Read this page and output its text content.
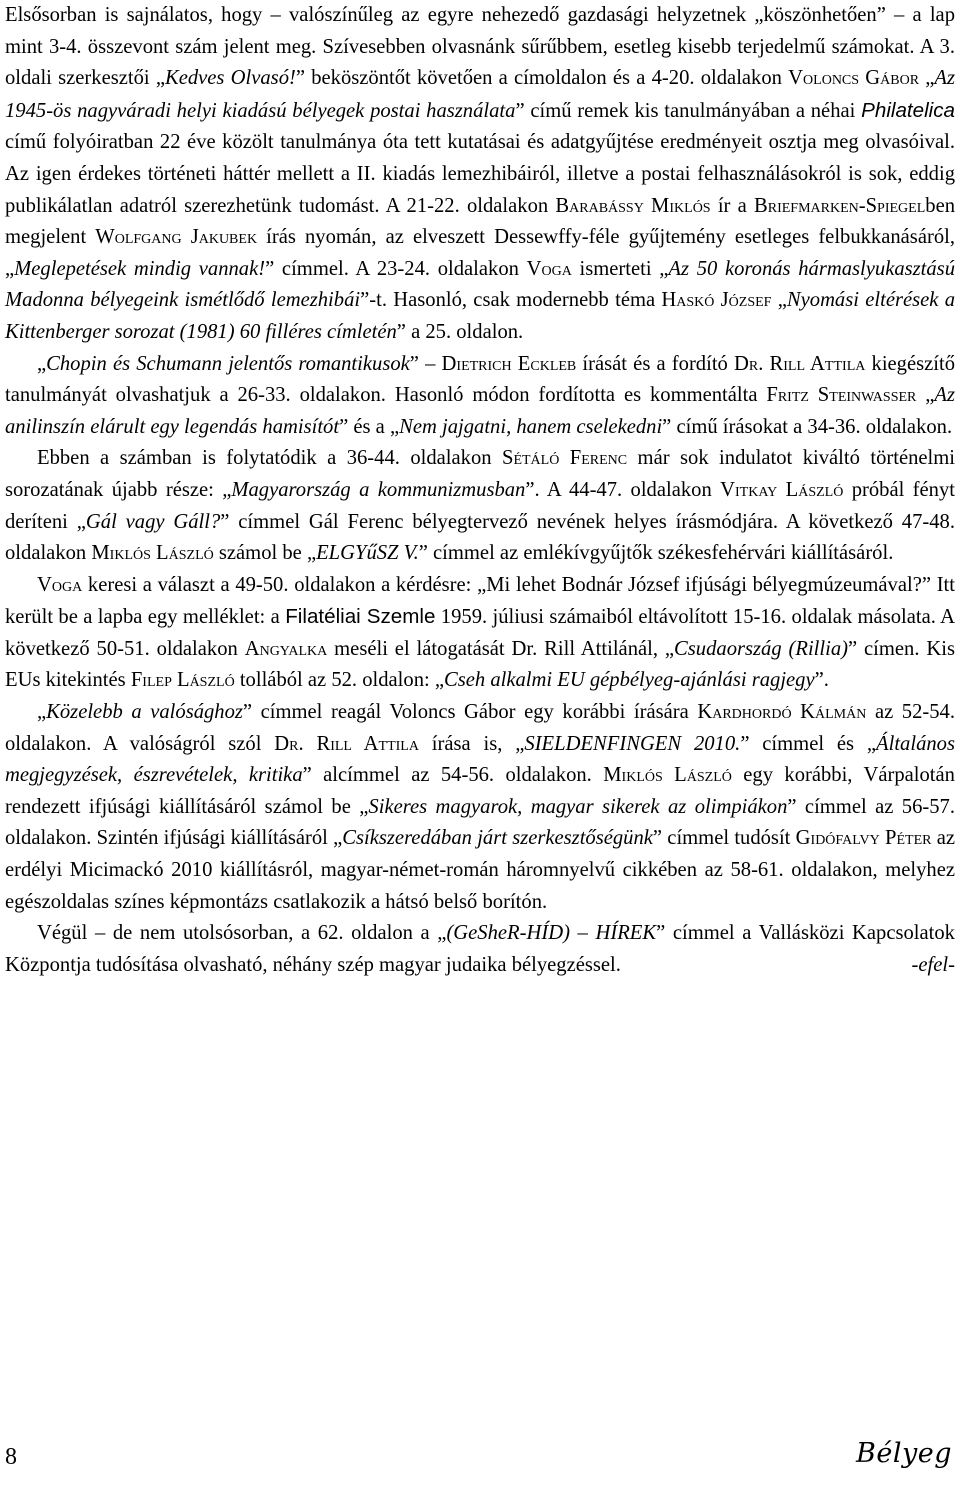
Elsősorban is sajnálatos, hogy – valószínűleg az egyre nehezedő gazdasági helyzetnek „köszönhetően” – a lap mint 3-4. összevont szám jelent meg. Szívesebben olvasnánk sűrűbbem, esetleg kisebb terjedelmű számokat. A 3. oldali szerkesztői „Kedves Olvasó!” beköszöntőt követően a címoldalon és a 4-20. oldalakon Voloncs Gábor „Az 1945-ös nagyváradi helyi kiadású bélyegek postai használata” című remek kis tanulmányában a néhai Philatelica című folyóiratban 22 éve közölt tanulmánya óta tett kutatásai és adatgyűjtése eredményeit osztja meg olvasóival. Az igen érdekes történeti háttér mellett a II. kiadás lemezhibáiról, illetve a postai felhasználásokról is sok, eddig publikálatlan adatról szerezhetünk tudomást. A 21-22. oldalakon Barabássy Miklós ír a Briefmarken-Spiegelben megjelent Wolfgang Jakubek írás nyomán, az elveszett Dessewffy-féle gyűjtemény esetleges felbukkanásáról, „Meglepetések mindig vannak!” címmel. A 23-24. oldalakon Voga ismerteti „Az 50 koronás hármaslyukasztású Madonna bélyegeink ismétlődő lemezhibái”-t. Hasonló, csak modernebb téma Haskó József „Nyomási eltérések a Kittenberger sorozat (1981) 60 filléres címletén” a 25. oldalon.

„Chopin és Schumann jelentős romantikusok” – Dietrich Eckleb írását és a fordító Dr. Rill Attila kiegészítő tanulmányát olvashatjuk a 26-33. oldalakon. Hasonló módon fordította es kommentálta Fritz Steinwasser „Az anilinszín elárult egy legendás hamisítót” és a „Nem jajgatni, hanem cselekedni” című írásokat a 34-36. oldalakon.

Ebben a számban is folytatódik a 36-44. oldalakon Sétáló Ferenc már sok indulatot kiváltó történelmi sorozatának újabb része: „Magyarország a kommunizmusban”. A 44-47. oldalakon Vitkay László próbál fényt deríteni „Gál vagy Gáll?” címmel Gál Ferenc bélyegtervező nevének helyes írásmódjára. A következő 47-48. oldalakon Miklós László számol be „ELGYűSZ V.” címmel az emlékívgyűjtők székesfehérvári kiállításáról.

Voga keresi a választ a 49-50. oldalakon a kérdésre: „Mi lehet Bodnár József ifjúsági bélyegmúzeumával?” Itt került be a lapba egy melléklet: a Filatéliai Szemle 1959. júliusi számaiból eltávolított 15-16. oldalak másolata. A következő 50-51. oldalakon Angyalka meséli el látogatását Dr. Rill Attilánál, „Csudaország (Rillia)” címen. Kis EUs kitekintés Filep László tollából az 52. oldalon: „Cseh alkalmi EU gépbélyeg-ajánlási ragjegy”.

„Közelebb a valósághoz” címmel reagál Voloncs Gábor egy korábbi írására Kardhordó Kálmán az 52-54. oldalakon. A valóságról szól Dr. Rill Attila írása is, „SIELDENFINGEN 2010.” címmel és „Általános megjegyzések, észrevételek, kritika” alcímmel az 54-56. oldalakon. Miklós László egy korábbi, Várpalotán rendezett ifjúsági kiállításáról számol be „Sikeres magyarok, magyar sikerek az olimpiákon” címmel az 56-57. oldalakon. Szintén ifjúsági kiállításáról „Csíkszeredában járt szerkesztőségünk” címmel tudósít Gidófalvy Péter az erdélyi Micimackó 2010 kiállításról, magyar-német-román háromnyelvű cikkében az 58-61. oldalakon, melyhez egészoldalas színes képmontázs csatlakozik a hátsó belső borítón.

Végül – de nem utolsósorban, a 62. oldalon a „(GeSheR-HÍD) – HÍREK” címmel a Vallásközi Kapcsolatok Központja tudósítása olvasható, néhány szép magyar judaika bélyegzéssel.	-efel-

8	Bélyeg
